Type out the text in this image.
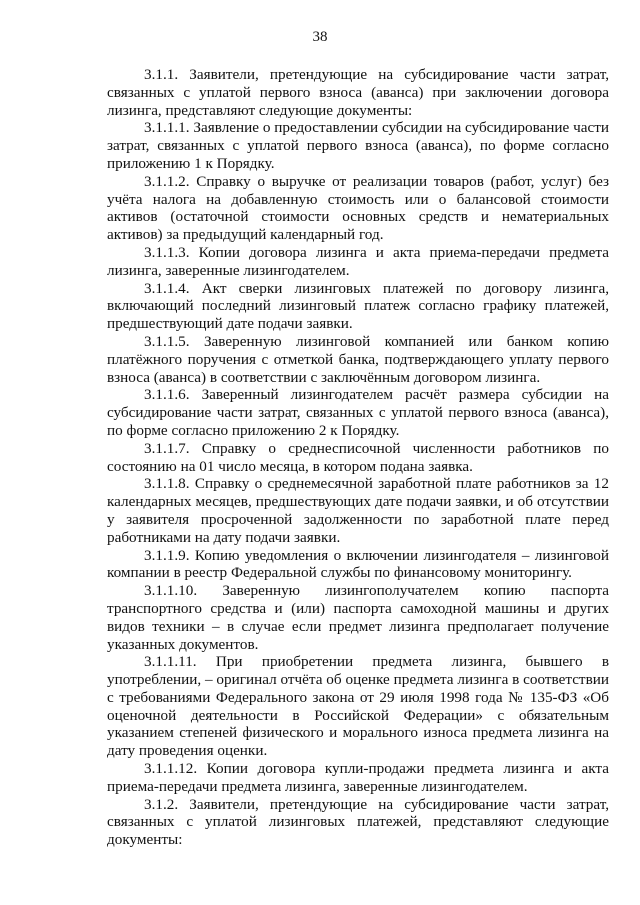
38

3.1.1. Заявители, претендующие на субсидирование части затрат, связанных с уплатой первого взноса (аванса) при заключении договора лизинга, представляют следующие документы:

3.1.1.1. Заявление о предоставлении субсидии на субсидирование части затрат, связанных с уплатой первого взноса (аванса), по форме согласно приложению 1 к Порядку.

3.1.1.2. Справку о выручке от реализации товаров (работ, услуг) без учёта налога на добавленную стоимость или о балансовой стоимости активов (остаточной стоимости основных средств и нематериальных активов) за предыдущий календарный год.

3.1.1.3. Копии договора лизинга и акта приема-передачи предмета лизинга, заверенные лизингодателем.

3.1.1.4. Акт сверки лизинговых платежей по договору лизинга, включающий последний лизинговый платеж согласно графику платежей, предшествующий дате подачи заявки.

3.1.1.5. Заверенную лизинговой компанией или банком копию платёжного поручения с отметкой банка, подтверждающего уплату первого взноса (аванса) в соответствии с заключённым договором лизинга.

3.1.1.6. Заверенный лизингодателем расчёт размера субсидии на субсидирование части затрат, связанных с уплатой первого взноса (аванса), по форме согласно приложению 2 к Порядку.

3.1.1.7. Справку о среднесписочной численности работников по состоянию на 01 число месяца, в котором подана заявка.

3.1.1.8. Справку о среднемесячной заработной плате работников за 12 календарных месяцев, предшествующих дате подачи заявки, и об отсутствии у заявителя просроченной задолженности по заработной плате перед работниками на дату подачи заявки.

3.1.1.9. Копию уведомления о включении лизингодателя – лизинговой компании в реестр Федеральной службы по финансовому мониторингу.

3.1.1.10. Заверенную лизингополучателем копию паспорта транспортного средства и (или) паспорта самоходной машины и других видов техники – в случае если предмет лизинга предполагает получение указанных документов.

3.1.1.11. При приобретении предмета лизинга, бывшего в употреблении, – оригинал отчёта об оценке предмета лизинга в соответствии с требованиями Федерального закона от 29 июля 1998 года № 135-ФЗ «Об оценочной деятельности в Российской Федерации» с обязательным указанием степеней физического и морального износа предмета лизинга на дату проведения оценки.

3.1.1.12. Копии договора купли-продажи предмета лизинга и акта приема-передачи предмета лизинга, заверенные лизингодателем.

3.1.2. Заявители, претендующие на субсидирование части затрат, связанных с уплатой лизинговых платежей, представляют следующие документы:
